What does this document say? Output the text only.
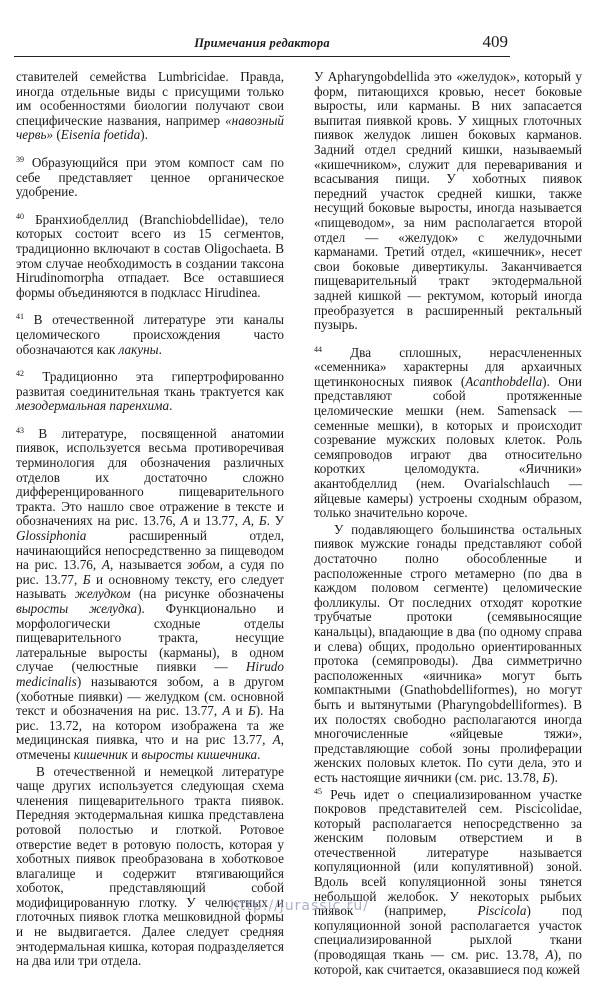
Примечания редактора	409

ставителей семейства Lumbricidae. Правда, иногда отдельные виды с присущими только им особенностями биологии получают свои специфические названия, например «навозный червь» (Eisenia foetida).

$^{39}$ Образующийся при этом компост сам по себе представляет ценное органическое удобрение.

$^{40}$ Бранхиобделлид (Branchiobdellidae), тело которых состоит всего из 15 сегментов, традиционно включают в состав Oligochaeta. В этом случае необходимость в создании таксона Hirudinomorpha отпадает. Все оставшиеся формы объединяются в подкласс Hirudinea.

$^{41}$ В отечественной литературе эти каналы целомического происхождения часто обозначаются как лакуны.

$^{42}$ Традиционно эта гипертрофированно развитая соединительная ткань трактуется как мезодермальная паренхима.

$^{43}$ В литературе, посвященной анатомии пиявок, используется весьма противоречивая терминология для обозначения различных отделов их достаточно сложно дифференцированного пищеварительного тракта. Это нашло свое отражение в тексте и обозначениях на рис. 13.76, А и 13.77, А, Б. У Glossiphonia расширенный отдел, начинающийся непосредственно за пищеводом на рис. 13.76, А, называется зобом, а судя по рис. 13.77, Б и основному тексту, его следует называть желудком (на рисунке обозначены выросты желудка). Функционально и морфологически сходные отделы пищеварительного тракта, несущие латеральные выросты (карманы), в одном случае (челюстные пиявки — Hirudo medicinalis) называются зобом, а в другом (хоботные пиявки) — желудком (см. основной текст и обозначения на рис. 13.77, А и Б). На рис. 13.72, на котором изображена та же медицинская пиявка, что и на рис 13.77, А, отмечены кишечник и выросты кишечника.

В отечественной и немецкой литературе чаще других используется следующая схема членения пищеварительного тракта пиявок. Передняя эктодермальная кишка представлена ротовой полостью и глоткой. Ротовое отверстие ведет в ротовую полость, которая у хоботных пиявок преобразована в хоботковое влагалище и содержит втягивающийся хоботок, представляющий собой модифицированную глотку. У челюстных и глоточных пиявок глотка мешковидной формы и не выдвигается. Далее следует средняя энтодермальная кишка, которая подразделяется на два или три отдела.

У Apharyngobdellida это «желудок», который у форм, питающихся кровью, несет боковые выросты, или карманы. В них запасается выпитая пиявкой кровь. У хищных глоточных пиявок желудок лишен боковых карманов. Задний отдел средний кишки, называемый «кишечником», служит для переваривания и всасывания пищи. У хоботных пиявок передний участок средней кишки, также несущий боковые выросты, иногда называется «пищеводом», за ним располагается второй отдел — «желудок» с желудочными карманами. Третий отдел, «кишечник», несет свои боковые дивертикулы. Заканчивается пищеварительный тракт эктодермальной задней кишкой — ректумом, который иногда преобразуется в расширенный ректальный пузырь.

$^{44}$ Два сплошных, нерасчлененных «семенника» характерны для архаичных щетинконосных пиявок (Acanthobdella). Они представляют собой протяженные целомические мешки (нем. Samensack — семенные мешки), в которых и происходит созревание мужских половых клеток. Роль семяпроводов играют два относительно коротких целомодукта. «Яичники» акантобделлид (нем. Ovarialschlauch — яйцевые камеры) устроены сходным образом, только значительно короче.

У подавляющего большинства остальных пиявок мужские гонады представляют собой достаточно полно обособленные и расположенные строго метамерно (по два в каждом половом сегменте) целомические фолликулы. От последних отходят короткие трубчатые протоки (семявыносящие канальцы), впадающие в два (по одному справа и слева) общих, продольно ориентированных протока (семяпроводы). Два симметрично расположенных «яичника» могут быть компактными (Gnathobdelliformes), но могут быть и вытянутыми (Pharyngobdelliformes). В их полостях свободно располагаются иногда многочисленные «яйцевые тяжи», представляющие собой зоны пролиферации женских половых клеток. По сути дела, это и есть настоящие яичники (см. рис. 13.78, Б).

$^{45}$ Речь идет о специализированном участке покровов представителей сем. Piscicolidae, который располагается непосредственно за женским половым отверстием и в отечественной литературе называется копуляционной (или копулятивной) зоной. Вдоль всей копуляционной зоны тянется небольшой желобок. У некоторых рыбьих пиявок (например, Piscicola) под копуляционной зоной располагается участок специализированной рыхлой ткани (проводящая ткань — см. рис. 13.78, А), по которой, как считается, оказавшиеся под кожей

http://jurassic.ru/
